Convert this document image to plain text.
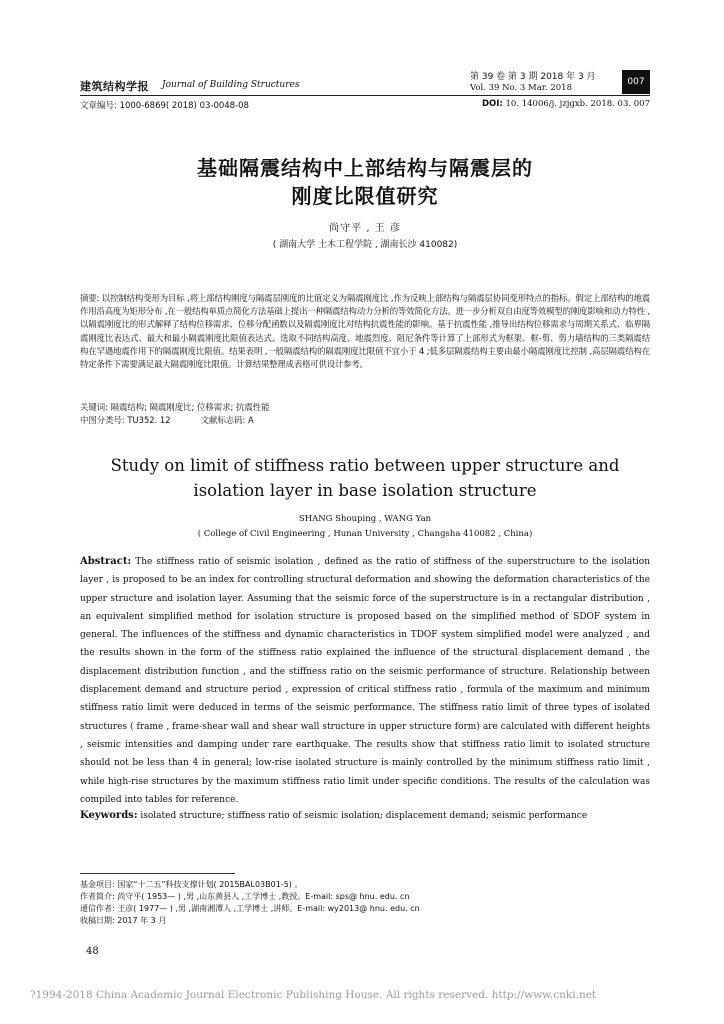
建筑结构学报 Journal of Building Structures
第 39 卷 第 3 期 2018 年 3 月
Vol. 39 No. 3 Mar. 2018
007
文章编号: 1000-6869( 2018) 03-0048-08	DOI: 10. 14006/j. jzjgxb. 2018. 03. 007
基础隔震结构中上部结构与隔震层的
刚度比限值研究
尚守平 , 王 彦
( 湖南大学 土木工程学院 , 湖南长沙 410082)
摘要: 以控制结构变形为目标 ,将上部结构刚度与隔震层刚度的比值定义为隔震刚度比 ,作为反映上部结构与隔震层协同变形特点的指标。假定上部结构的地震作用沿高度为矩形分布 ,在一般结构单质点简化方法基础上提出一种隔震结构动力分析的等效简化方法。进一步分析双自由度等效模型的刚度影响和动力特性 ,以隔震刚度比的形式解释了结构位移需求、位移分配函数以及隔震刚度比对结构抗震性能的影响。基于抗震性能 ,推导出结构位移需求与周期关系式、临界隔震刚度比表达式、最大和最小隔震刚度比限值表达式。选取不同结构高度、地震烈度、阻尼条件等计算了上部形式为框架、框-剪、剪力墙结构的三类隔震结构在罕遇地震作用下的隔震刚度比限值。结果表明 ,一般隔震结构的隔震刚度比限值不宜小于 4 ;低多层隔震结构主要由最小隔震刚度比控制 ,高层隔震结构在特定条件下需要满足最大隔震刚度比限值。计算结果整理成表格可供设计参考。
关键词: 隔震结构; 隔震刚度比; 位移需求; 抗震性能
中图分类号: TU352. 12	文献标志码: A
Study on limit of stiffness ratio between upper structure and
isolation layer in base isolation structure
SHANG Shouping , WANG Yan
( College of Civil Engineering , Hunan University , Changsha 410082 , China)
Abstract: The stiffness ratio of seismic isolation , defined as the ratio of stiffness of the superstructure to the isolation layer , is proposed to be an index for controlling structural deformation and showing the deformation characteristics of the upper structure and isolation layer. Assuming that the seismic force of the superstructure is in a rectangular distribution , an equivalent simplified method for isolation structure is proposed based on the simplified method of SDOF system in general. The influences of the stiffness and dynamic characteristics in TDOF system simplified model were analyzed , and the results shown in the form of the stiffness ratio explained the influence of the structural displacement demand , the displacement distribution function , and the stiffness ratio on the seismic performance of structure. Relationship between displacement demand and structure period , expression of critical stiffness ratio , formula of the maximum and minimum stiffness ratio limit were deduced in terms of the seismic performance. The stiffness ratio limit of three types of isolated structures ( frame , frame-shear wall and shear wall structure in upper structure form) are calculated with different heights , seismic intensities and damping under rare earthquake. The results show that stiffness ratio limit to isolated structure should not be less than 4 in general; low-rise isolated structure is mainly controlled by the minimum stiffness ratio limit , while high-rise structures by the maximum stiffness ratio limit under specific conditions. The results of the calculation was compiled into tables for reference.
Keywords: isolated structure; stiffness ratio of seismic isolation; displacement demand; seismic performance
基金项目: 国家“十二五”科技支撑计划( 2015BAL03B01-5) 。
作者简介: 尚守平( 1953— ) ,男 ,山东黄县人 ,工学博士 ,教授。E-mail: sps@ hnu. edu. cn
通信作者: 王彦( 1977— ) ,男 ,湖南湘潭人 ,工学博士 ,讲师。E-mail: wy2013@ hnu. edu. cn
收稿日期: 2017 年 3 月
48
?1994-2018 China Academic Journal Electronic Publishing House. All rights reserved. http://www.cnki.net
